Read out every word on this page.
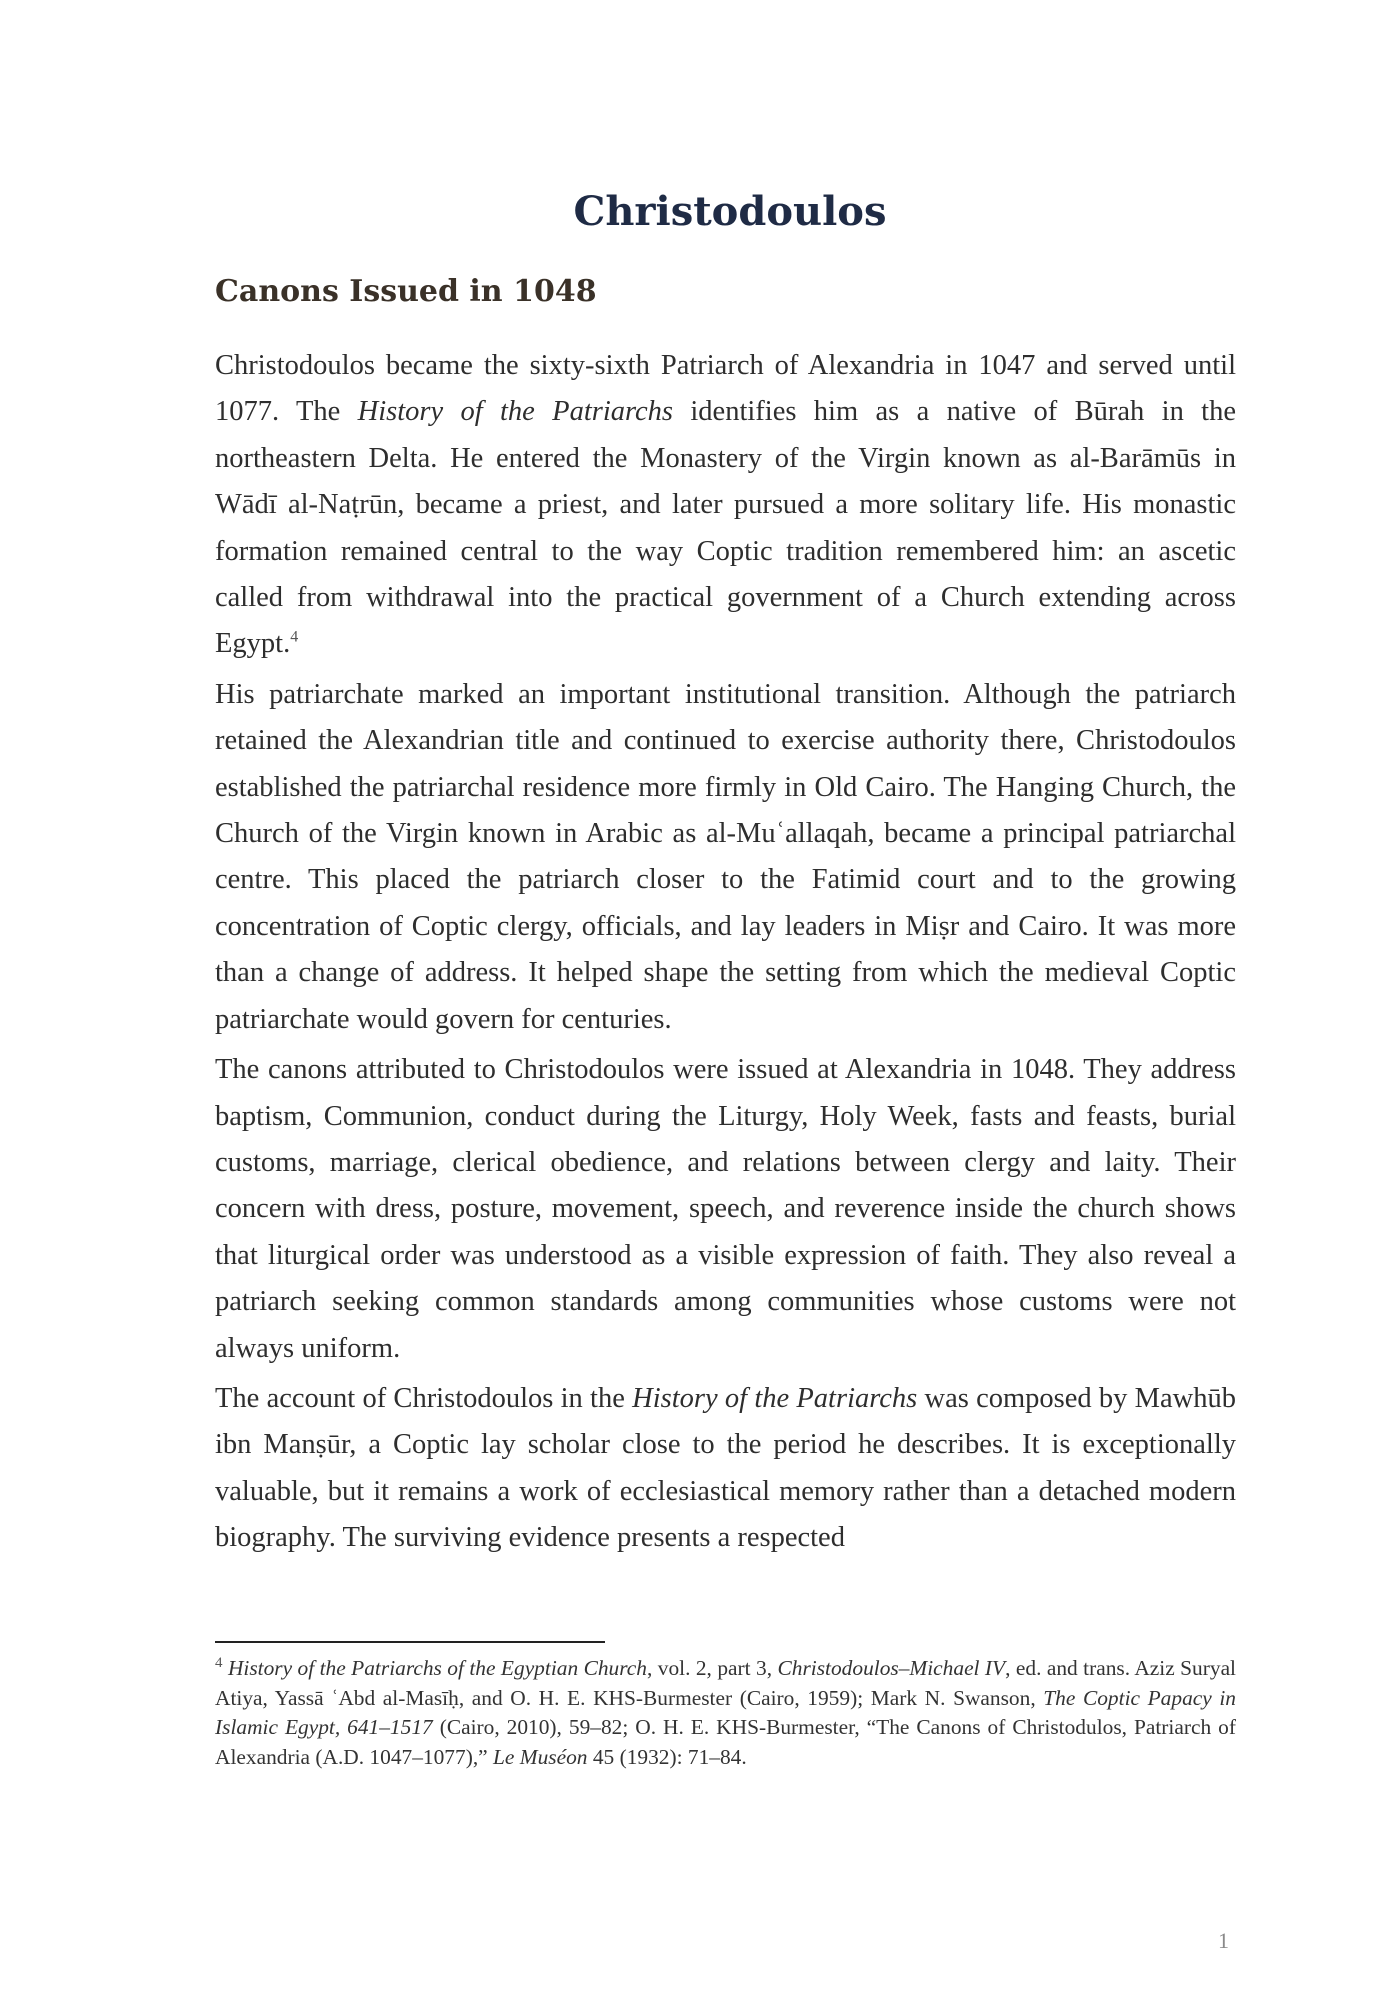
Christodoulos
Canons Issued in 1048

Christodoulos became the sixty-sixth Patriarch of Alexandria in 1047 and served until 1077. The History of the Patriarchs identifies him as a native of Būrah in the northeastern Delta. He entered the Monastery of the Virgin known as al-Barāmūs in Wādī al-Naṭrūn, became a priest, and later pursued a more solitary life. His monastic formation remained central to the way Coptic tradition remembered him: an ascetic called from withdrawal into the practical government of a Church extending across Egypt.$^4$

His patriarchate marked an important institutional transition. Although the patriarch retained the Alexandrian title and continued to exercise authority there, Christodoulos established the patriarchal residence more firmly in Old Cairo. The Hanging Church, the Church of the Virgin known in Arabic as al-Muʿallaqah, became a principal patriarchal centre. This placed the patriarch closer to the Fatimid court and to the growing concentration of Coptic clergy, officials, and lay leaders in Miṣr and Cairo. It was more than a change of address. It helped shape the setting from which the medieval Coptic patriarchate would govern for centuries.

The canons attributed to Christodoulos were issued at Alexandria in 1048. They address baptism, Communion, conduct during the Liturgy, Holy Week, fasts and feasts, burial customs, marriage, clerical obedience, and relations between clergy and laity. Their concern with dress, posture, movement, speech, and reverence inside the church shows that liturgical order was understood as a visible expression of faith. They also reveal a patriarch seeking common standards among communities whose customs were not always uniform.

The account of Christodoulos in the History of the Patriarchs was composed by Mawhūb ibn Manṣūr, a Coptic lay scholar close to the period he describes. It is exceptionally valuable, but it remains a work of ecclesiastical memory rather than a detached modern biography. The surviving evidence presents a respected

$^4$ History of the Patriarchs of the Egyptian Church, vol. 2, part 3, Christodoulos–Michael IV, ed. and trans. Aziz Suryal Atiya, Yassā ʿAbd al-Masīḥ, and O. H. E. KHS-Burmester (Cairo, 1959); Mark N. Swanson, The Coptic Papacy in Islamic Egypt, 641–1517 (Cairo, 2010), 59–82; O. H. E. KHS-Burmester, “The Canons of Christodulos, Patriarch of Alexandria (A.D. 1047–1077),” Le Muséon 45 (1932): 71–84.

1
